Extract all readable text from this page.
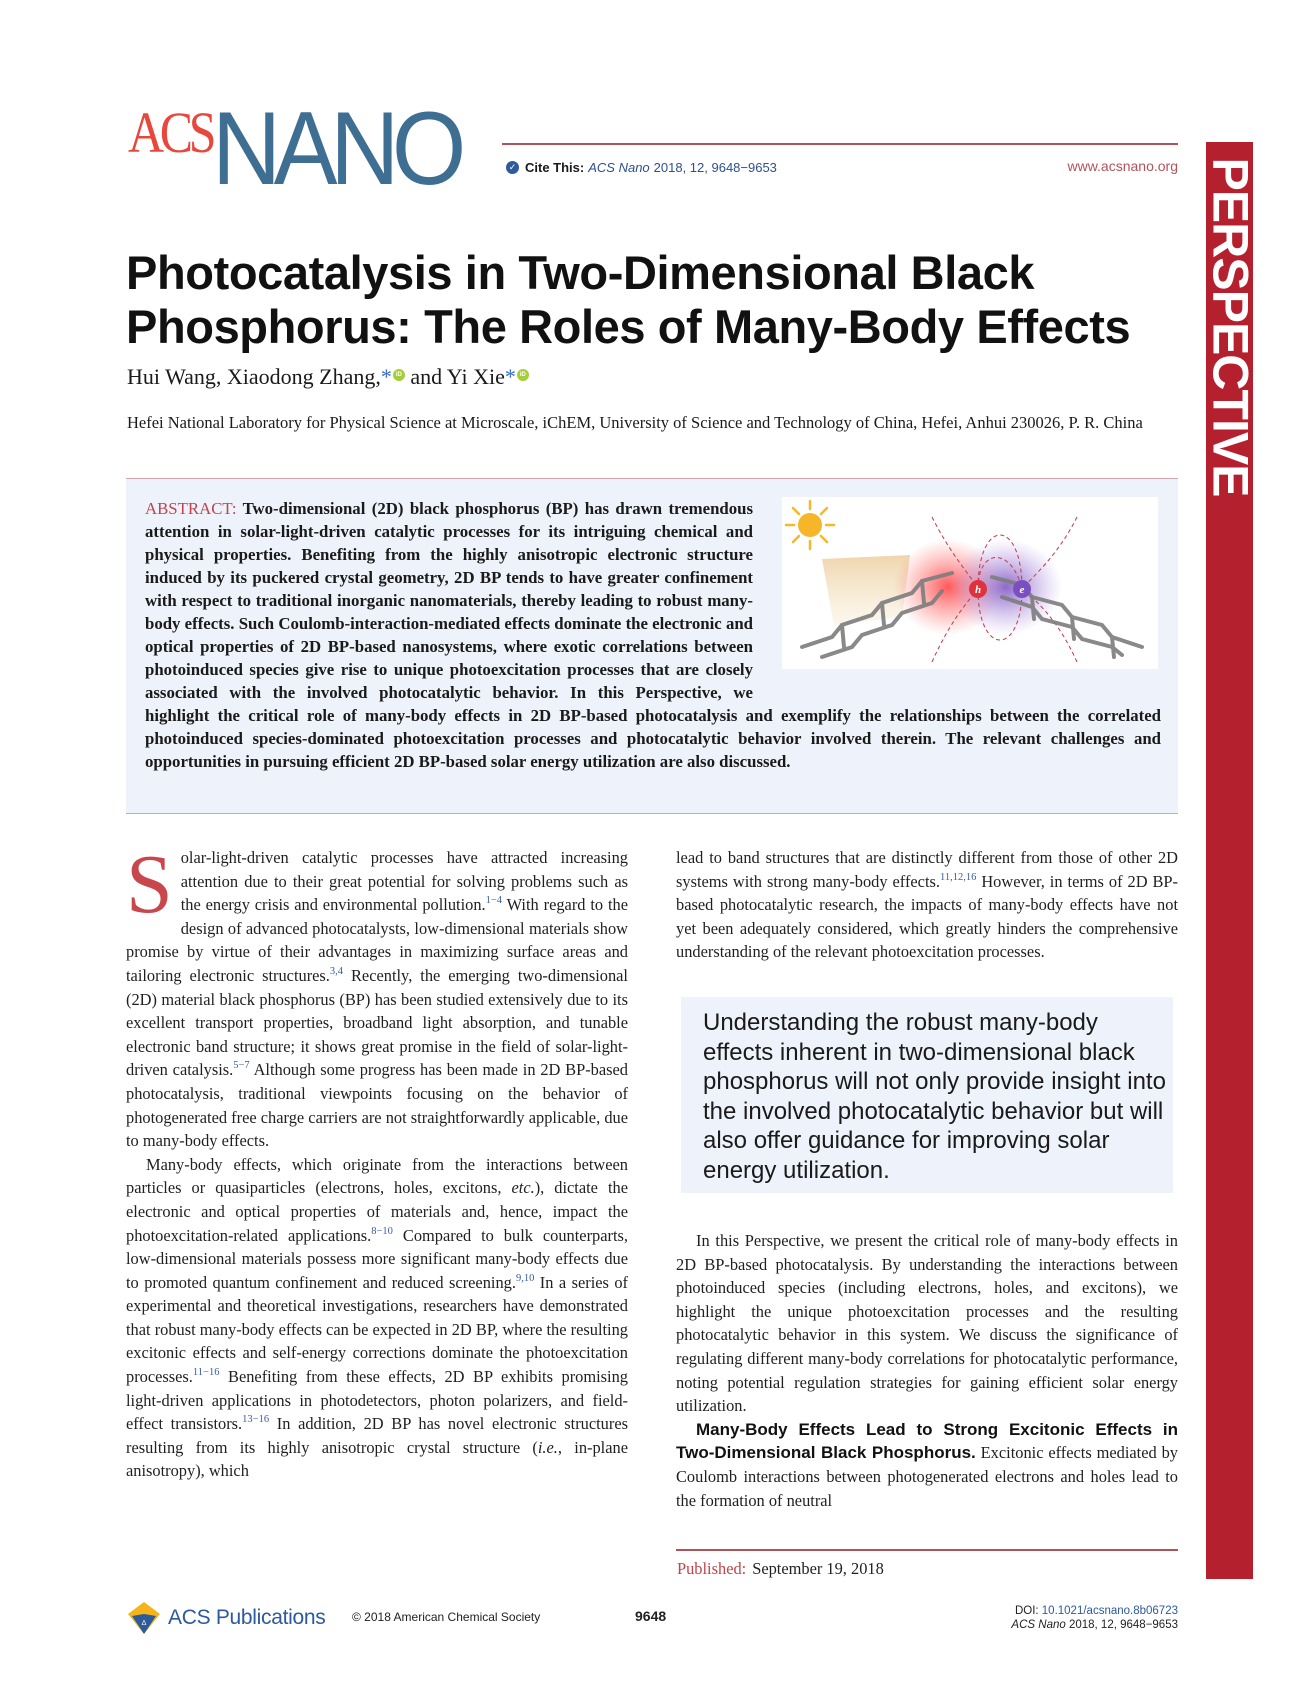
ACS NANO	✓ Cite This: ACS Nano 2018, 12, 9648−9653	www.acsnano.org PERSPECTIVE
Photocatalysis in Two-Dimensional Black Phosphorus: The Roles of Many-Body Effects
Hui Wang, Xiaodong Zhang,* iD and Yi Xie* iD
Hefei National Laboratory for Physical Science at Microscale, iChEM, University of Science and Technology of China, Hefei, Anhui 230026, P. R. China
ABSTRACT: Two-dimensional (2D) black phosphorus (BP) has drawn tremendous attention in solar-light-driven catalytic processes for its intriguing chemical and physical properties. Benefiting from the highly anisotropic electronic structure induced by its puckered crystal geometry, 2D BP tends to have greater confinement with respect to traditional inorganic nanomaterials, thereby leading to robust many-body effects. Such Coulomb-interaction-mediated effects dominate the electronic and optical properties of 2D BP-based nanosystems, where exotic correlations between photoinduced species give rise to unique photoexcitation processes that are closely associated with the involved photocatalytic behavior. In this Perspective, we highlight the critical role of many-body effects in 2D BP-based photocatalysis and exemplify the relationships between the correlated photoinduced species-dominated photoexcitation processes and photocatalytic behavior involved therein. The relevant challenges and opportunities in pursuing efficient 2D BP-based solar energy utilization are also discussed.
h	e

Solar-light-driven catalytic processes have attracted increasing attention due to their great potential for solving problems such as the energy crisis and environmental pollution.$^{1-4}$ With regard to the design of advanced photocatalysts, low-dimensional materials show promise by virtue of their advantages in maximizing surface areas and tailoring electronic structures.$^{3,4}$ Recently, the emerging two-dimensional (2D) material black phosphorus (BP) has been studied extensively due to its excellent transport properties, broadband light absorption, and tunable electronic band structure; it shows great promise in the field of solar-light-driven catalysis.$^{5-7}$ Although some progress has been made in 2D BP-based photocatalysis, traditional viewpoints focusing on the behavior of photogenerated free charge carriers are not straightforwardly applicable, due to many-body effects.

Many-body effects, which originate from the interactions between particles or quasiparticles (electrons, holes, excitons, etc.), dictate the electronic and optical properties of materials and, hence, impact the photoexcitation-related applications.$^{8-10}$ Compared to bulk counterparts, low-dimensional materials possess more significant many-body effects due to promoted quantum confinement and reduced screening.$^{9,10}$ In a series of experimental and theoretical investigations, researchers have demonstrated that robust many-body effects can be expected in 2D BP, where the resulting excitonic effects and self-energy corrections dominate the photoexcitation processes.$^{11-16}$ Benefiting from these effects, 2D BP exhibits promising light-driven applications in photodetectors, photon polarizers, and field-effect transistors.$^{13-16}$ In addition, 2D BP has novel electronic structures resulting from its highly anisotropic crystal structure (i.e., in-plane anisotropy), which

lead to band structures that are distinctly different from those of other 2D systems with strong many-body effects.$^{11,12,16}$ However, in terms of 2D BP-based photocatalytic research, the impacts of many-body effects have not yet been adequately considered, which greatly hinders the comprehensive understanding of the relevant photoexcitation processes.

Understanding the robust many-body effects inherent in two-dimensional black phosphorus will not only provide insight into the involved photocatalytic behavior but will also offer guidance for improving solar energy utilization.

In this Perspective, we present the critical role of many-body effects in 2D BP-based photocatalysis. By understanding the interactions between photoinduced species (including electrons, holes, and excitons), we highlight the unique photoexcitation processes and the resulting photocatalytic behavior in this system. We discuss the significance of regulating different many-body correlations for photocatalytic performance, noting potential regulation strategies for gaining efficient solar energy utilization.

Many-Body Effects Lead to Strong Excitonic Effects in Two-Dimensional Black Phosphorus. Excitonic effects mediated by Coulomb interactions between photogenerated electrons and holes lead to the formation of neutral

Published: September 19, 2018
Δ ACS Publications © 2018 American Chemical Society	9648	DOI: 10.1021/acsnano.8b06723
ACS Nano 2018, 12, 9648−9653
